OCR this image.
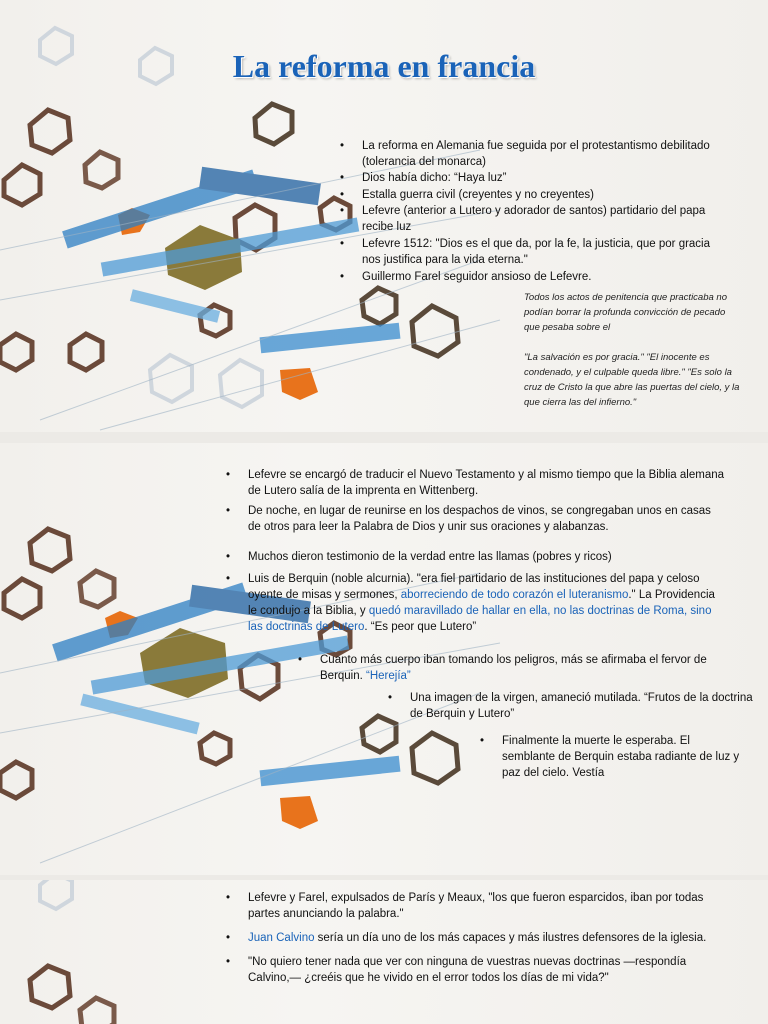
La reforma en francia
• La reforma en Alemania fue seguida por el protestantismo debilitado (tolerancia del monarca)
• Dios había dicho: “Haya luz”
• Estalla guerra civil (creyentes y no creyentes)
• Lefevre (anterior a Lutero y adorador de santos) partidario del papa recibe luz
• Lefevre 1512: "Dios es el que da, por la fe, la justicia, que por gracia nos justifica para la vida eterna."
• Guillermo Farel seguidor ansioso de Lefevre.
Todos los actos de penitencia que practicaba no podían borrar la profunda convicción de pecado que pesaba sobre el
"La salvación es por gracia." "El inocente es condenado, y el culpable queda libre." "Es solo la cruz de Cristo la que abre las puertas del cielo, y la que cierra las del infierno."
• Lefevre se encargó de traducir el Nuevo Testamento y al mismo tiempo que la Biblia alemana de Lutero salía de la imprenta en Wittenberg.
• De noche, en lugar de reunirse en los despachos de vinos, se congregaban unos en casas de otros para leer la Palabra de Dios y unir sus oraciones y alabanzas.
• Muchos dieron testimonio de la verdad entre las llamas (pobres y ricos)
• Luis de Berquin (noble alcurnia). "era fiel partidario de las instituciones del papa y celoso oyente de misas y sermones, aborreciendo de todo corazón el luteranismo." La Providencia le condujo a la Biblia, y quedó maravillado de hallar en ella, no las doctrinas de Roma, sino las doctrinas de Lutero. “Es peor que Lutero”
• Cuanto más cuerpo iban tomando los peligros, más se afirmaba el fervor de Berquin. “Herejía”
• Una imagen de la virgen, amaneció mutilada. “Frutos de la doctrina de Berquin y Lutero”
• Finalmente la muerte le esperaba. El semblante de Berquin estaba radiante de luz y paz del cielo. Vestía
• Lefevre y Farel, expulsados de París y Meaux, "los que fueron esparcidos, iban por todas partes anunciando la palabra."
• Juan Calvino sería un día uno de los más capaces y más ilustres defensores de la iglesia.
• "No quiero tener nada que ver con ninguna de vuestras nuevas doctrinas —respondía Calvino,— ¿creéis que he vivido en el error todos los días de mi vida?"
